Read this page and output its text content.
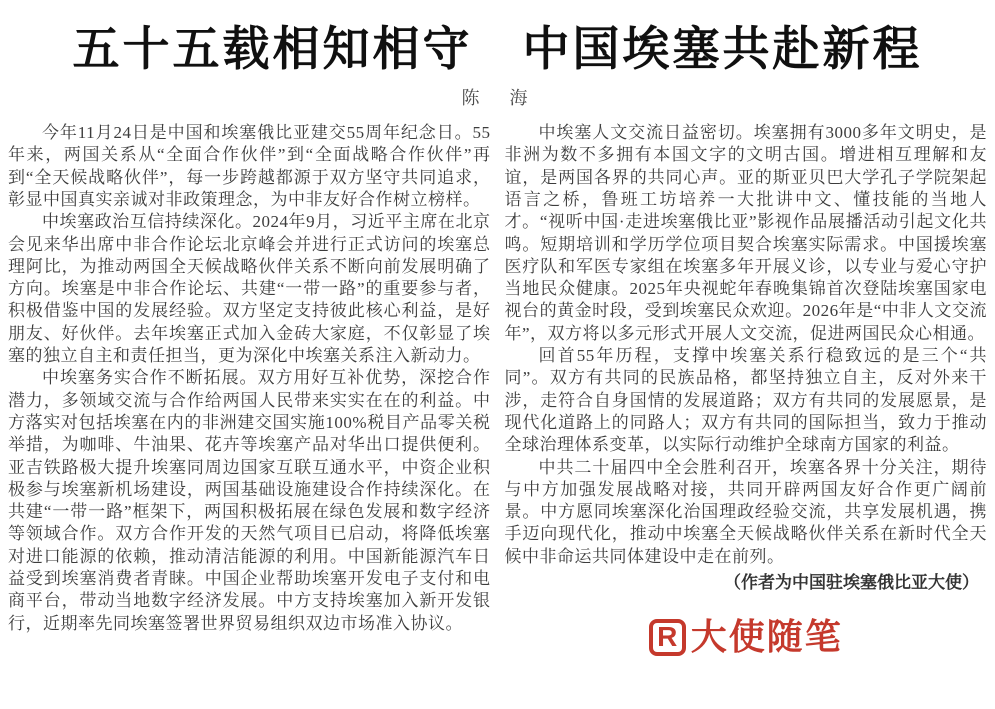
五十五载相知相守　中国埃塞共赴新程
陈　海

今年11月24日是中国和埃塞俄比亚建交55周年纪念日。55年来，两国关系从“全面合作伙伴”到“全面战略合作伙伴”再到“全天候战略伙伴”，每一步跨越都源于双方坚守共同追求，彰显中国真实亲诚对非政策理念，为中非友好合作树立榜样。

中埃塞政治互信持续深化。2024年9月，习近平主席在北京会见来华出席中非合作论坛北京峰会并进行正式访问的埃塞总理阿比，为推动两国全天候战略伙伴关系不断向前发展明确了方向。埃塞是中非合作论坛、共建“一带一路”的重要参与者，积极借鉴中国的发展经验。双方坚定支持彼此核心利益，是好朋友、好伙伴。去年埃塞正式加入金砖大家庭，不仅彰显了埃塞的独立自主和责任担当，更为深化中埃塞关系注入新动力。

中埃塞务实合作不断拓展。双方用好互补优势，深挖合作潜力，多领域交流与合作给两国人民带来实实在在的利益。中方落实对包括埃塞在内的非洲建交国实施100%税目产品零关税举措，为咖啡、牛油果、花卉等埃塞产品对华出口提供便利。亚吉铁路极大提升埃塞同周边国家互联互通水平，中资企业积极参与埃塞新机场建设，两国基础设施建设合作持续深化。在共建“一带一路”框架下，两国积极拓展在绿色发展和数字经济等领域合作。双方合作开发的天然气项目已启动，将降低埃塞对进口能源的依赖，推动清洁能源的利用。中国新能源汽车日益受到埃塞消费者青睐。中国企业帮助埃塞开发电子支付和电商平台，带动当地数字经济发展。中方支持埃塞加入新开发银行，近期率先同埃塞签署世界贸易组织双边市场准入协议。

中埃塞人文交流日益密切。埃塞拥有3000多年文明史，是非洲为数不多拥有本国文字的文明古国。增进相互理解和友谊，是两国各界的共同心声。亚的斯亚贝巴大学孔子学院架起语言之桥，鲁班工坊培养一大批讲中文、懂技能的当地人才。“视听中国·走进埃塞俄比亚”影视作品展播活动引起文化共鸣。短期培训和学历学位项目契合埃塞实际需求。中国援埃塞医疗队和军医专家组在埃塞多年开展义诊，以专业与爱心守护当地民众健康。2025年央视蛇年春晚集锦首次登陆埃塞国家电视台的黄金时段，受到埃塞民众欢迎。2026年是“中非人文交流年”，双方将以多元形式开展人文交流，促进两国民众心相通。

回首55年历程，支撑中埃塞关系行稳致远的是三个“共同”。双方有共同的民族品格，都坚持独立自主，反对外来干涉，走符合自身国情的发展道路；双方有共同的发展愿景，是现代化道路上的同路人；双方有共同的国际担当，致力于推动全球治理体系变革，以实际行动维护全球南方国家的利益。

中共二十届四中全会胜利召开，埃塞各界十分关注，期待与中方加强发展战略对接，共同开辟两国友好合作更广阔前景。中方愿同埃塞深化治国理政经验交流，共享发展机遇，携手迈向现代化，推动中埃塞全天候战略伙伴关系在新时代全天候中非命运共同体建设中走在前列。

（作者为中国驻埃塞俄比亚大使）
R 大使随笔
